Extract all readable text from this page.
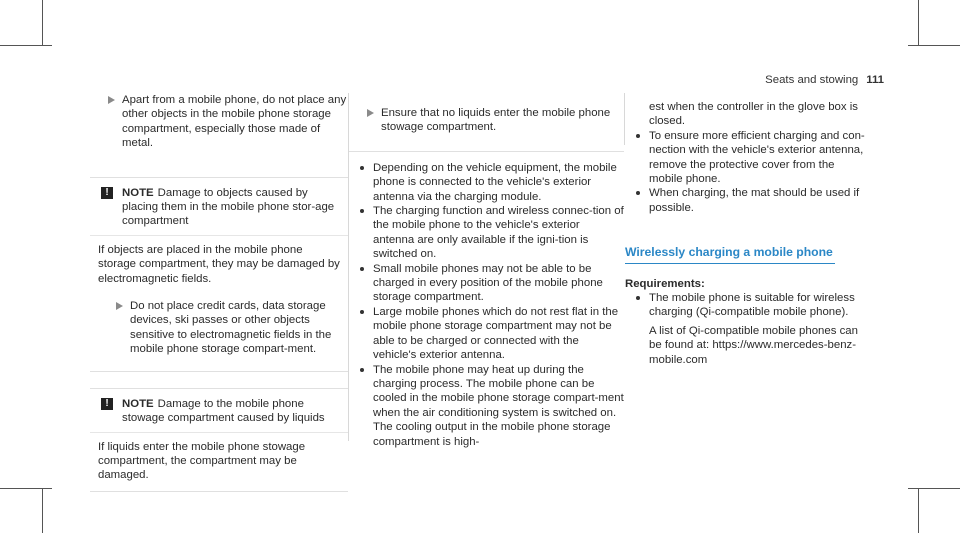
Seats and stowing 111

Apart from a mobile phone, do not place any other objects in the mobile phone storage compartment, especially those made of metal.

!	NOTE Damage to objects caused by placing them in the mobile phone stor-age compartment

If objects are placed in the mobile phone storage compartment, they may be damaged by electromagnetic fields.

Do not place credit cards, data storage devices, ski passes or other objects sensitive to electromagnetic fields in the mobile phone storage compart-ment.

!	NOTE Damage to the mobile phone stowage compartment caused by liquids

If liquids enter the mobile phone stowage compartment, the compartment may be damaged.

Ensure that no liquids enter the mobile phone stowage compartment.

Depending on the vehicle equipment, the mobile phone is connected to the vehicle's exterior antenna via the charging module.
The charging function and wireless connec-tion of the mobile phone to the vehicle's exterior antenna are only available if the igni-tion is switched on.
Small mobile phones may not be able to be charged in every position of the mobile phone storage compartment.
Large mobile phones which do not rest flat in the mobile phone storage compartment may not be able to be charged or connected with the vehicle's exterior antenna.
The mobile phone may heat up during the charging process. The mobile phone can be cooled in the mobile phone storage compart-ment when the air conditioning system is switched on. The cooling output in the mobile phone storage compartment is high-

est when the controller in the glove box is closed.

To ensure more efficient charging and con-nection with the vehicle's exterior antenna, remove the protective cover from the mobile phone.
When charging, the mat should be used if possible.
Wirelessly charging a mobile phone

Requirements:

The mobile phone is suitable for wireless charging (Qi-compatible mobile phone).

A list of Qi-compatible mobile phones can be found at: https://www.mercedes-benz-mobile.com
